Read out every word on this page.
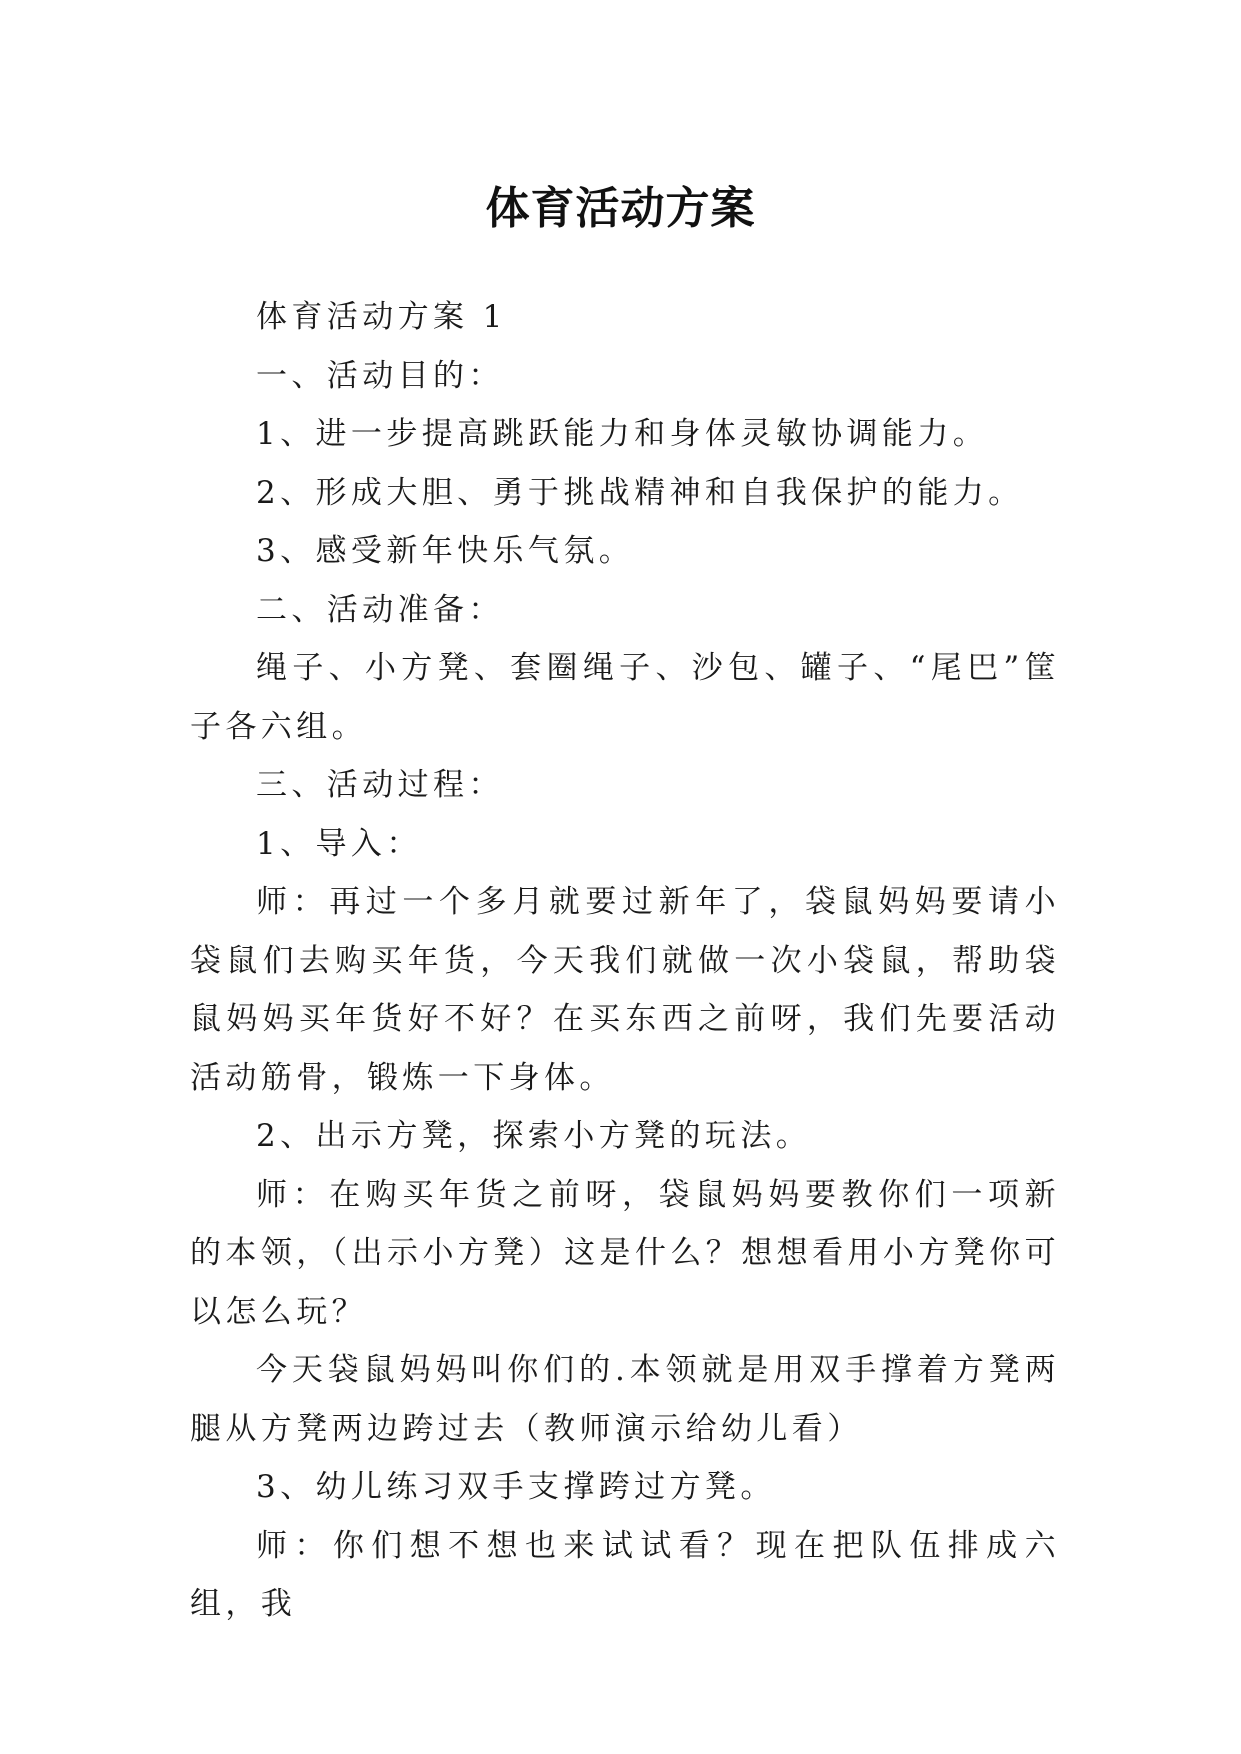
体育活动方案

体育活动方案 1

一、活动目的：

1、进一步提高跳跃能力和身体灵敏协调能力。

2、形成大胆、勇于挑战精神和自我保护的能力。

3、感受新年快乐气氛。

二、活动准备：

绳子、小方凳、套圈绳子、沙包、罐子、“尾巴”筐子各六组。

三、活动过程：

1、导入：

师：再过一个多月就要过新年了，袋鼠妈妈要请小袋鼠们去购买年货，今天我们就做一次小袋鼠，帮助袋鼠妈妈买年货好不好？在买东西之前呀，我们先要活动活动筋骨，锻炼一下身体。

2、出示方凳，探索小方凳的玩法。

师：在购买年货之前呀，袋鼠妈妈要教你们一项新的本领，（出示小方凳）这是什么？想想看用小方凳你可以怎么玩？

今天袋鼠妈妈叫你们的.本领就是用双手撑着方凳两腿从方凳两边跨过去（教师演示给幼儿看）

3、幼儿练习双手支撑跨过方凳。

师：你们想不想也来试试看？现在把队伍排成六组，我
